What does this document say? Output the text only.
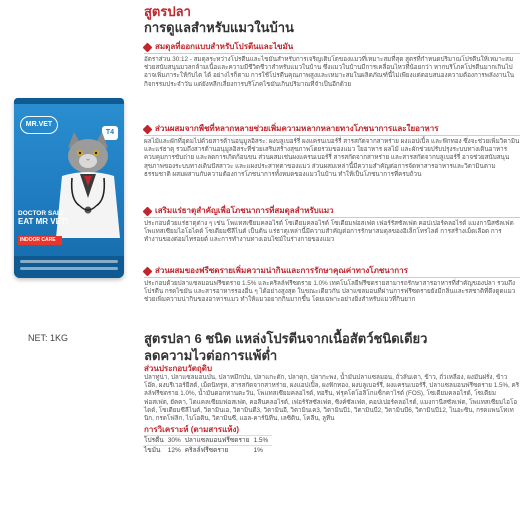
MR.VET
T4
DOCTOR SAID
EAT MR VET!
INDOOR CARE
NET: 1KG
สูตรปลา
การดูแลสำหรับแมวในบ้าน
สมดุลที่ออกแบบสำหรับโปรตีนและไขมัน
อัตราส่วน 30:12 - สมดุลระหว่างโปรตีนและไขมันสำหรับการเจริญเติบโตของแมวที่เหมาะสมที่สุด สูตรที่กำหนดปริมาณโปรตีนให้เหมาะสม ช่วยสนับสนุนมวลกล้ามเนื้อและความมีชีวิตชีวาสำหรับแมวในบ้าน ซึ่งแมวในบ้านมีการเคลื่อนไหวที่น้อยกว่า หากบริโภคโปรตีนมากเกินไป อาจเพิ่มภาระให้กับไต ได้ อย่างไรก็ตาม การใช้โปรตีนคุณภาพสูงและเหมาะสมในผลิตภัณฑ์นี้ไม่เพียงแต่ตอบสนองความต้องการพลังงานในกิจกรรมประจำวัน แต่ยังหลีกเลี่ยงการบริโภคไขมันเกินปริมาณที่จำเป็นอีกด้วย
ส่วนผสมจากพืชที่หลากหลายช่วยเพิ่มความหลากหลายทางโภชนาการและใยอาหาร
ผลไม้และผักที่อุดมไปด้วยสารต้านอนุมูลอิสระ: ผงบลูเบอร์รี่ ผงแครนเบอร์รี่ สารสกัดจากสาหร่าย ผงแอปเปิ้ล และฟักทอง ซึ่งจะช่วยเพิ่มวิตามินและแร่ธาตุ รวมถึงสารต้านอนุมูลอิสระที่ช่วยเสริมสร้างสุขภาพโดยรวมของแมว ใยอาหาร ผลไม้ และผักช่วยปรับปรุงระบบทางเดินอาหาร ควบคุมการขับถ่าย และลดการเกิดก้อนขน ส่วนผสมเช่นผงแครนเบอร์รี่ สารสกัดจากสาหร่าย และสารสกัดจากบลูเบอร์รี่ อาจช่วยสนับสนุนสุขภาพของระบบทางเดินปัสสาวะ และแผงประสาทตาของแมว ส่วนผสมเหล่านี้มีความสำคัญต่อการจัดหาสารอาหารและวิตามินตามธรรมชาติ ผสมผสานกับความต้องการโภชนาการทั้งหมดของแมวในบ้าน ทำให้เป็นโภชนาการที่ครบถ้วน
เสริมแร่ธาตุสำคัญเพื่อโภชนาการที่สมดุลสำหรับแมว
ประกอบด้วยแร่ธาตุต่าง ๆ เช่น โพแทสเซียมคลอไรด์ โซเดียมคลอไรด์ โซเดียมฟอสเฟต เฟอร์รัสซัลเฟต คอปเปอร์คลอไรด์ แมงกานีสซัลเฟต โพแทสเซียมไอโอไดด์ โซเดียมซีลีไนต์ เป็นต้น แร่ธาตุเหล่านี้มีความสำคัญต่อการรักษาสมดุลของอิเล็กโทรไลต์ การสร้างเม็ดเลือด การทำงานของต่อมไทรอยด์ และการทำงานทางเอนไซม์ในร่างกายของแมว
ส่วนผสมของฟรีซดรายเพิ่มความน่ากินและการรักษาคุณค่าทางโภชนาการ
ประกอบด้วยปลาแซลมอนฟรีซดราย 1.5% และคริลล์ฟรีซดราย 1.0% เทคโนโลยีฟรีซดรายสามารถรักษาสารอาหารที่สำคัญของปลา รวมถึงโปรตีน กรดไขมัน และสารอาหารรองอื่น ๆ ได้อย่างสูงสุด ในขณะเดียวกัน ปลาแซลมอนที่ผ่านการฟรีซดรายยังมีกลิ่นและรสชาติที่ดึงดูดแมว ช่วยเพิ่มความน่ากินของอาหารแมว ทำให้แมวอยากกินมากขึ้น โดยเฉพาะอย่างยิ่งสำหรับแมวที่กินยาก
สูตรปลา 6 ชนิด แหล่งโปรตีนจากเนื้อสัตว์ชนิดเดียว
ลดความไวต่อการแพ้ต่ำ
ส่วนประกอบวัตถุดิบ
ปลาทูน่า, ปลาแซลมอนป่น, ปลาหมึกป่น, ปลาแกะดัก, ปลาดุก, ปลากะพง, น้ำมันปลาแซลมอน, ถั่วลันเตา, ข้าว, ถั่วเหลือง, ผงมันฝรั่ง, ข้าวโอ๊ต, ผงบรีเวอร์ยีสต์, เม็ดนิทรูท, สารสกัดจากสาหร่าย, ผงแอปเปิ้ล, ผงฟักทอง, ผงบลูเบอร์รี่, ผงแครนเบอร์รี่, ปลาแซลมอนฟรีซดราย 1.5%, คริลล์ฟรีซดราย 1.0%, น้ำมันดอกทานตะวัน, โพแทสเซียมคลอไรด์, ทอรีน, ฟรุคโตโอลิโกแซ็กคาไรด์ (FOS), โซเดียมคลอไรด์, โซเดียมฟอสเฟต, ยัคคา, ไดแคลเซียมฟอสเฟต, คอลีนคลอไรด์, เฟอร์รัสซัลเฟต, ซิงค์ซัลเฟต, คอปเปอร์คลอไรด์, แมงกานีสซัลเฟต, โพแทสเซียมไอโอไดด์, โซเดียมซีลีไนต์, วิตามินเอ, วิตามินดี3, วิตามินอี, วิตามินเค3, วิตามินบี1, วิตามินบี2, วิตามินบี6, วิตามินบี12, ไนอะซิน, กรดแพนโทเทนิก, กรดโฟลิก, ไบโอติน, วิตามินซี, แอล-คาร์นิทีน, เลซิติน, โคลีน, ลูทีน
การวิเคราะห์ (ตามสารแห้ง)
โปรตีน	30%	ปลาแซลมอนฟรีซดราย	1.5%
ไขมัน	12%	คริลล์ฟรีซดราย	1%
